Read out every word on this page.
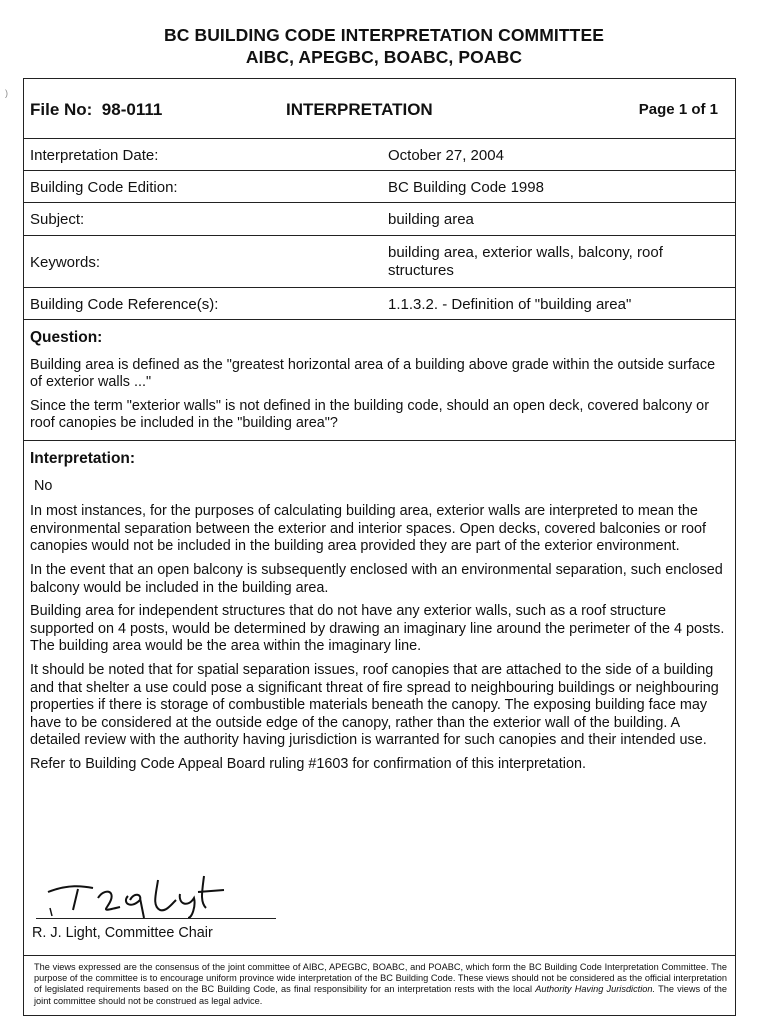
BC BUILDING CODE INTERPRETATION COMMITTEE
AIBC, APEGBC, BOABC, POABC
)
File No: 98-0111	INTERPRETATION	Page 1 of 1
Interpretation Date:	October 27, 2004
Building Code Edition:	BC Building Code 1998
Subject:	building area
Keywords:
building area, exterior walls, balcony, roof structures
Building Code Reference(s):	1.1.3.2. - Definition of "building area"
Question:

Building area is defined as the "greatest horizontal area of a building above grade within the outside surface of exterior walls ..."

Since the term "exterior walls" is not defined in the building code, should an open deck, covered balcony or roof canopies be included in the "building area"?

Interpretation:

No

In most instances, for the purposes of calculating building area, exterior walls are interpreted to mean the environmental separation between the exterior and interior spaces. Open decks, covered balconies or roof canopies would not be included in the building area provided they are part of the exterior environment.

In the event that an open balcony is subsequently enclosed with an environmental separation, such enclosed balcony would be included in the building area.

Building area for independent structures that do not have any exterior walls, such as a roof structure supported on 4 posts, would be determined by drawing an imaginary line around the perimeter of the 4 posts. The building area would be the area within the imaginary line.

It should be noted that for spatial separation issues, roof canopies that are attached to the side of a building and that shelter a use could pose a significant threat of fire spread to neighbouring buildings or neighbouring properties if there is storage of combustible materials beneath the canopy. The exposing building face may have to be considered at the outside edge of the canopy, rather than the exterior wall of the building. A detailed review with the authority having jurisdiction is warranted for such canopies and their intended use.

Refer to Building Code Appeal Board ruling #1603 for confirmation of this interpretation.

R. J. Light, Committee Chair
The views expressed are the consensus of the joint committee of AIBC, APEGBC, BOABC, and POABC, which form the BC Building Code Interpretation Committee. The purpose of the committee is to encourage uniform province wide interpretation of the BC Building Code. These views should not be considered as the official interpretation of legislated requirements based on the BC Building Code, as final responsibility for an interpretation rests with the local Authority Having Jurisdiction. The views of the joint committee should not be construed as legal advice.
